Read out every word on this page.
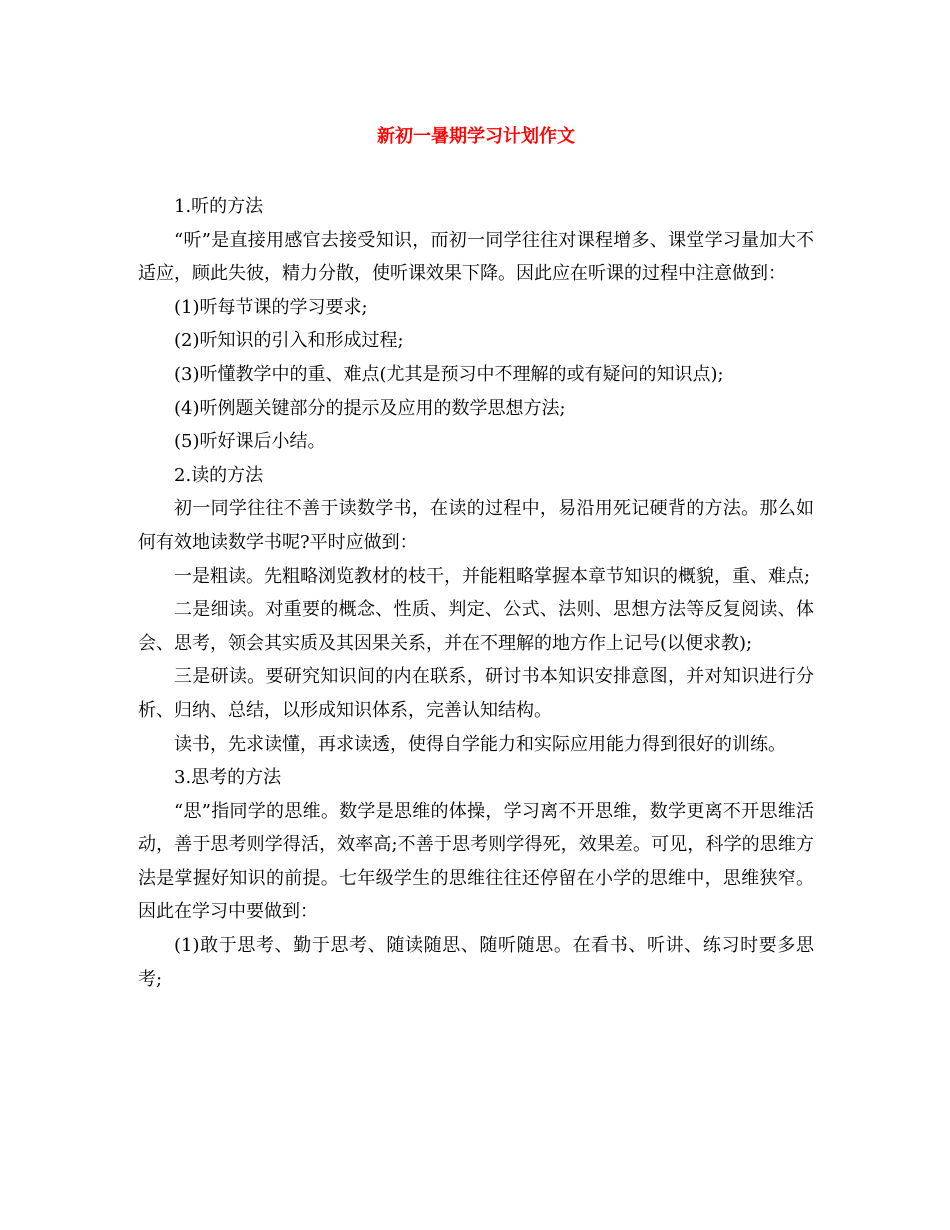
新初一暑期学习计划作文

1.听的方法

“听”是直接用感官去接受知识，而初一同学往往对课程增多、课堂学习量加大不适应，顾此失彼，精力分散，使听课效果下降。因此应在听课的过程中注意做到：

(1)听每节课的学习要求;

(2)听知识的引入和形成过程;

(3)听懂教学中的重、难点(尤其是预习中不理解的或有疑问的知识点);

(4)听例题关键部分的提示及应用的数学思想方法;

(5)听好课后小结。

2.读的方法

初一同学往往不善于读数学书，在读的过程中，易沿用死记硬背的方法。那么如何有效地读数学书呢?平时应做到：

一是粗读。先粗略浏览教材的枝干，并能粗略掌握本章节知识的概貌，重、难点;

二是细读。对重要的概念、性质、判定、公式、法则、思想方法等反复阅读、体会、思考，领会其实质及其因果关系，并在不理解的地方作上记号(以便求教);

三是研读。要研究知识间的内在联系，研讨书本知识安排意图，并对知识进行分析、归纳、总结，以形成知识体系，完善认知结构。

读书，先求读懂，再求读透，使得自学能力和实际应用能力得到很好的训练。

3.思考的方法

“思”指同学的思维。数学是思维的体操，学习离不开思维，数学更离不开思维活动，善于思考则学得活，效率高;不善于思考则学得死，效果差。可见，科学的思维方法是掌握好知识的前提。七年级学生的思维往往还停留在小学的思维中，思维狭窄。因此在学习中要做到：

(1)敢于思考、勤于思考、随读随思、随听随思。在看书、听讲、练习时要多思考;
